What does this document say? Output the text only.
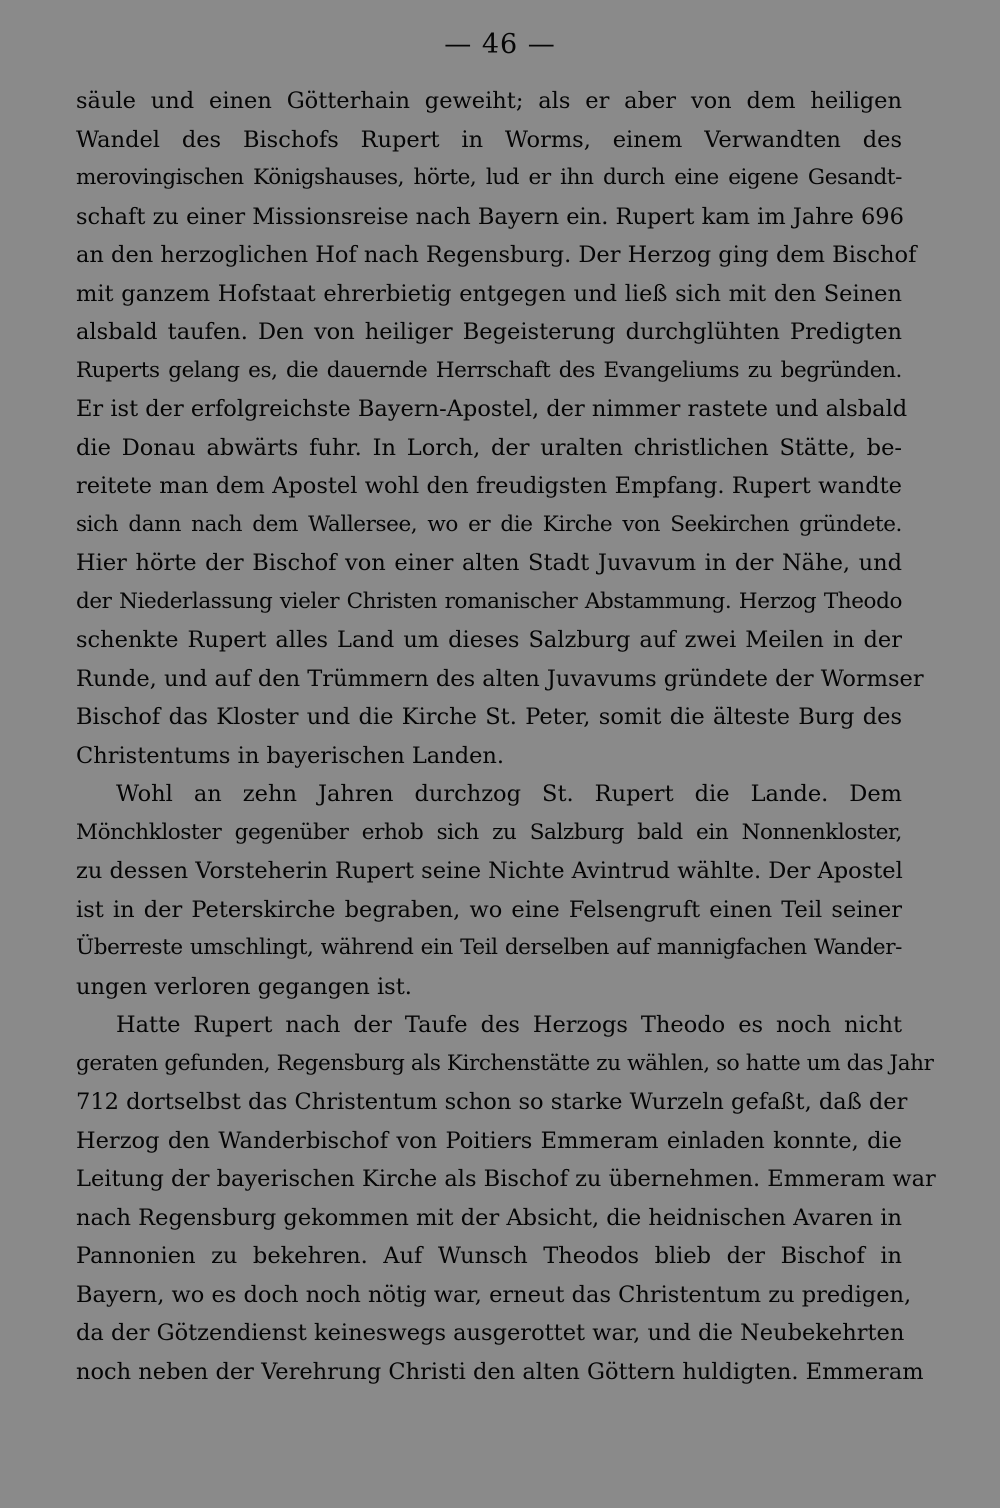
— 46 —
säule und einen Götterhain geweiht; als er aber von dem heiligen
Wandel des Bischofs Rupert in Worms, einem Verwandten des
merovingischen Königshauses, hörte, lud er ihn durch eine eigene Gesandt-
schaft zu einer Missionsreise nach Bayern ein. Rupert kam im Jahre 696
an den herzoglichen Hof nach Regensburg. Der Herzog ging dem Bischof
mit ganzem Hofstaat ehrerbietig entgegen und ließ sich mit den Seinen
alsbald taufen. Den von heiliger Begeisterung durchglühten Predigten
Ruperts gelang es, die dauernde Herrschaft des Evangeliums zu begründen.
Er ist der erfolgreichste Bayern-Apostel, der nimmer rastete und alsbald
die Donau abwärts fuhr. In Lorch, der uralten christlichen Stätte, be-
reitete man dem Apostel wohl den freudigsten Empfang. Rupert wandte
sich dann nach dem Wallersee, wo er die Kirche von Seekirchen gründete.
Hier hörte der Bischof von einer alten Stadt Juvavum in der Nähe, und
der Niederlassung vieler Christen romanischer Abstammung. Herzog Theodo
schenkte Rupert alles Land um dieses Salzburg auf zwei Meilen in der
Runde, und auf den Trümmern des alten Juvavums gründete der Wormser
Bischof das Kloster und die Kirche St. Peter, somit die älteste Burg des
Christentums in bayerischen Landen.
Wohl an zehn Jahren durchzog St. Rupert die Lande. Dem
Mönchkloster gegenüber erhob sich zu Salzburg bald ein Nonnenkloster,
zu dessen Vorsteherin Rupert seine Nichte Avintrud wählte. Der Apostel
ist in der Peterskirche begraben, wo eine Felsengruft einen Teil seiner
Überreste umschlingt, während ein Teil derselben auf mannigfachen Wander-
ungen verloren gegangen ist.
Hatte Rupert nach der Taufe des Herzogs Theodo es noch nicht
geraten gefunden, Regensburg als Kirchenstätte zu wählen, so hatte um das Jahr
712 dortselbst das Christentum schon so starke Wurzeln gefaßt, daß der
Herzog den Wanderbischof von Poitiers Emmeram einladen konnte, die
Leitung der bayerischen Kirche als Bischof zu übernehmen. Emmeram war
nach Regensburg gekommen mit der Absicht, die heidnischen Avaren in
Pannonien zu bekehren. Auf Wunsch Theodos blieb der Bischof in
Bayern, wo es doch noch nötig war, erneut das Christentum zu predigen,
da der Götzendienst keineswegs ausgerottet war, und die Neubekehrten
noch neben der Verehrung Christi den alten Göttern huldigten. Emmeram
